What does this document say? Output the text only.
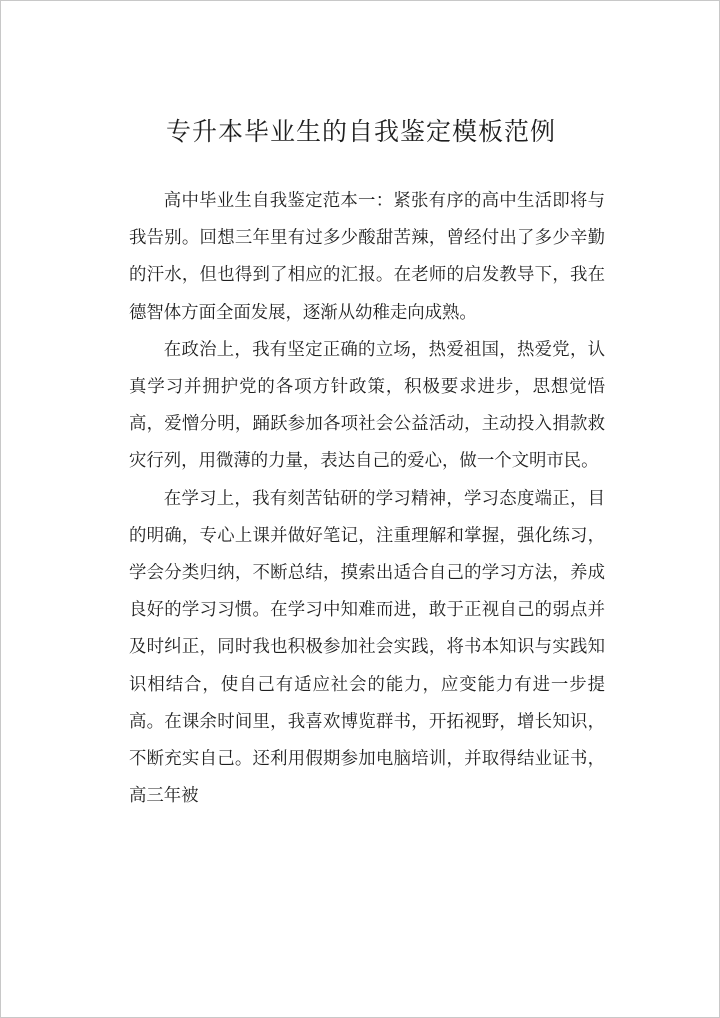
专升本毕业生的自我鉴定模板范例

高中毕业生自我鉴定范本一：紧张有序的高中生活即将与我告别。回想三年里有过多少酸甜苦辣，曾经付出了多少辛勤的汗水，但也得到了相应的汇报。在老师的启发教导下，我在德智体方面全面发展，逐渐从幼稚走向成熟。

在政治上，我有坚定正确的立场，热爱祖国，热爱党，认真学习并拥护党的各项方针政策，积极要求进步，思想觉悟高，爱憎分明，踊跃参加各项社会公益活动，主动投入捐款救灾行列，用微薄的力量，表达自己的爱心，做一个文明市民。

在学习上，我有刻苦钻研的学习精神，学习态度端正，目的明确，专心上课并做好笔记，注重理解和掌握，强化练习，学会分类归纳，不断总结，摸索出适合自己的学习方法，养成良好的学习习惯。在学习中知难而进，敢于正视自己的弱点并及时纠正，同时我也积极参加社会实践，将书本知识与实践知识相结合，使自己有适应社会的能力，应变能力有进一步提高。在课余时间里，我喜欢博览群书，开拓视野，增长知识，不断充实自己。还利用假期参加电脑培训，并取得结业证书，高三年被
